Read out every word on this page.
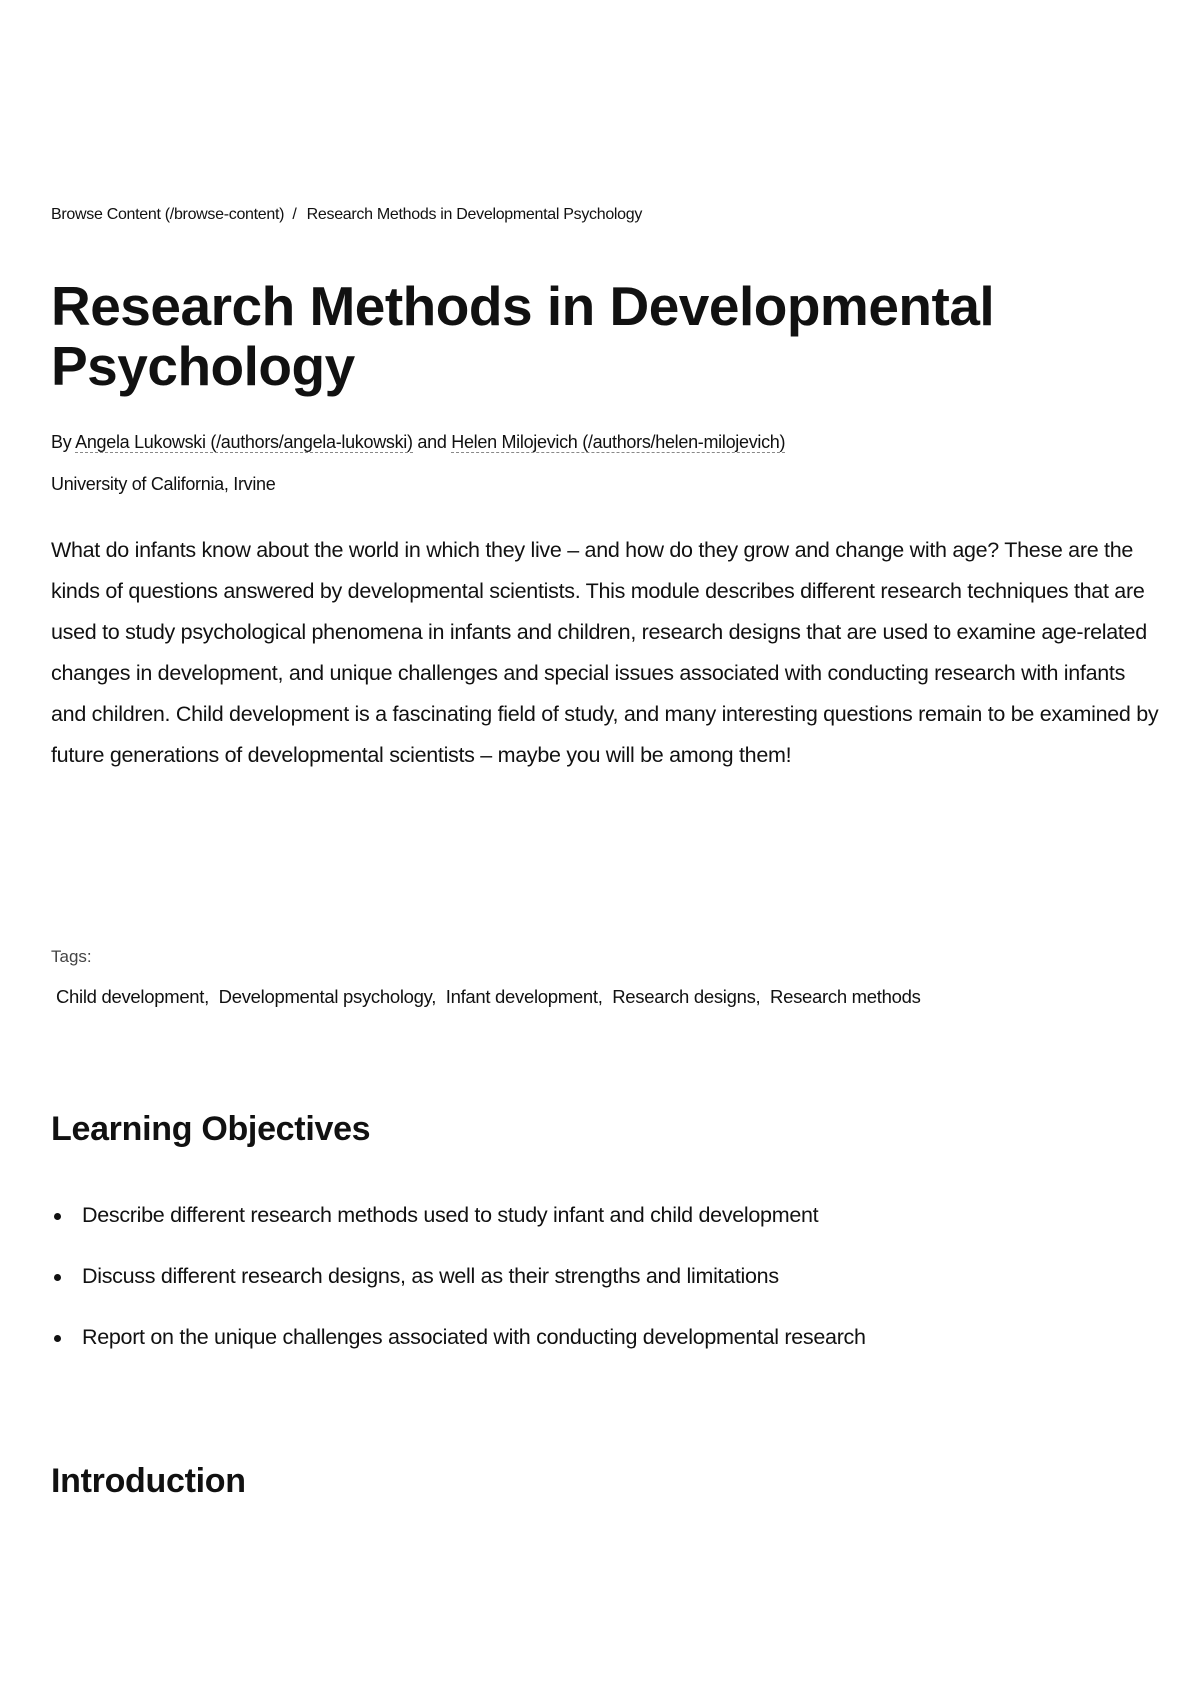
Browse Content (/browse-content) / Research Methods in Developmental Psychology
Research Methods in Developmental Psychology
By Angela Lukowski (/authors/angela-lukowski) and Helen Milojevich (/authors/helen-milojevich)
University of California, Irvine

What do infants know about the world in which they live – and how do they grow and change with age? These are the kinds of questions answered by developmental scientists. This module describes different research techniques that are used to study psychological phenomena in infants and children, research designs that are used to examine age-related changes in development, and unique challenges and special issues associated with conducting research with infants and children. Child development is a fascinating field of study, and many interesting questions remain to be examined by future generations of developmental scientists – maybe you will be among them!

Tags:
Child development, Developmental psychology, Infant development, Research designs, Research methods
Learning Objectives
Describe different research methods used to study infant and child development
Discuss different research designs, as well as their strengths and limitations
Report on the unique challenges associated with conducting developmental research
Introduction
